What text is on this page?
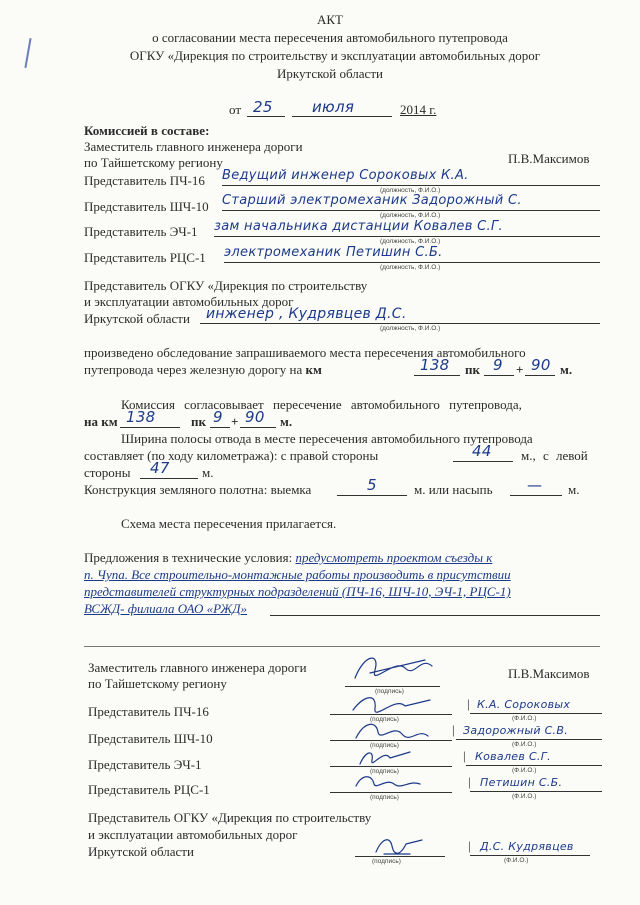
АКТ
о согласовании места пересечения автомобильного путепровода
ОГКУ «Дирекция по строительству и эксплуатации автомобильных дорог
Иркутской области
от 25	июля	2014 г.
Комиссией в составе:
Заместитель главного инженера дороги
по Тайшетскому региону	П.В.Максимов
Представитель ПЧ-16 Ведущий инженер Сороковых К.А.
(должность, Ф.И.О.)
Представитель ШЧ-10 Старший электромеханик Задорожный С.
(должность, Ф.И.О.)
Представитель ЭЧ-1 зам начальника дистанции Ковалев С.Г.
(должность, Ф.И.О.)
Представитель РЦС-1 электромеханик Петишин С.Б.
(должность, Ф.И.О.)
Представитель ОГКУ «Дирекция по строительству
и эксплуатации автомобильных дорог
Иркутской области инженер , Кудрявцев Д.С.
(должность, Ф.И.О.)
произведено обследование запрашиваемого места пересечения автомобильного
путепровода через железную дорогу на км	138 пк 9 + 90 м.
Комиссия согласовывает пересечение автомобильного путепровода,
на км 138	пк 9 + 90 м.
Ширина полосы отвода в месте пересечения автомобильного путепровода
составляет (по ходу километража): с правой стороны	44 м., с левой
стороны 47 м.
Конструкция земляного полотна: выемка	5	м. или насыпь — м.
Схема места пересечения прилагается.
Предложения в технические условия: предусмотреть проектом съезды к
п. Чупа. Все строительно-монтажные работы производить в присутствии
представителей структурных подразделений (ПЧ-16, ШЧ-10, ЭЧ-1, РЦС-1)
ВСЖД- филиала ОАО «РЖД»
Заместитель главного инженера дороги
по Тайшетскому региону
П.В.Максимов
(подпись)
Представитель ПЧ-16
(подпись)
| К.А. Сороковых
(Ф.И.О.)
Представитель ШЧ-10	(подпись)
| Задорожный С.В.
(Ф.И.О.)
Представитель ЭЧ-1	(подпись)
| Ковалев С.Г.
(Ф.И.О.)
Представитель РЦС-1
(подпись)
| Петишин С.Б.
(Ф.И.О.)
Представитель ОГКУ «Дирекция по строительству
и эксплуатации автомобильных дорог
Иркутской области
(подпись)
| Д.С. Кудрявцев
(Ф.И.О.)
